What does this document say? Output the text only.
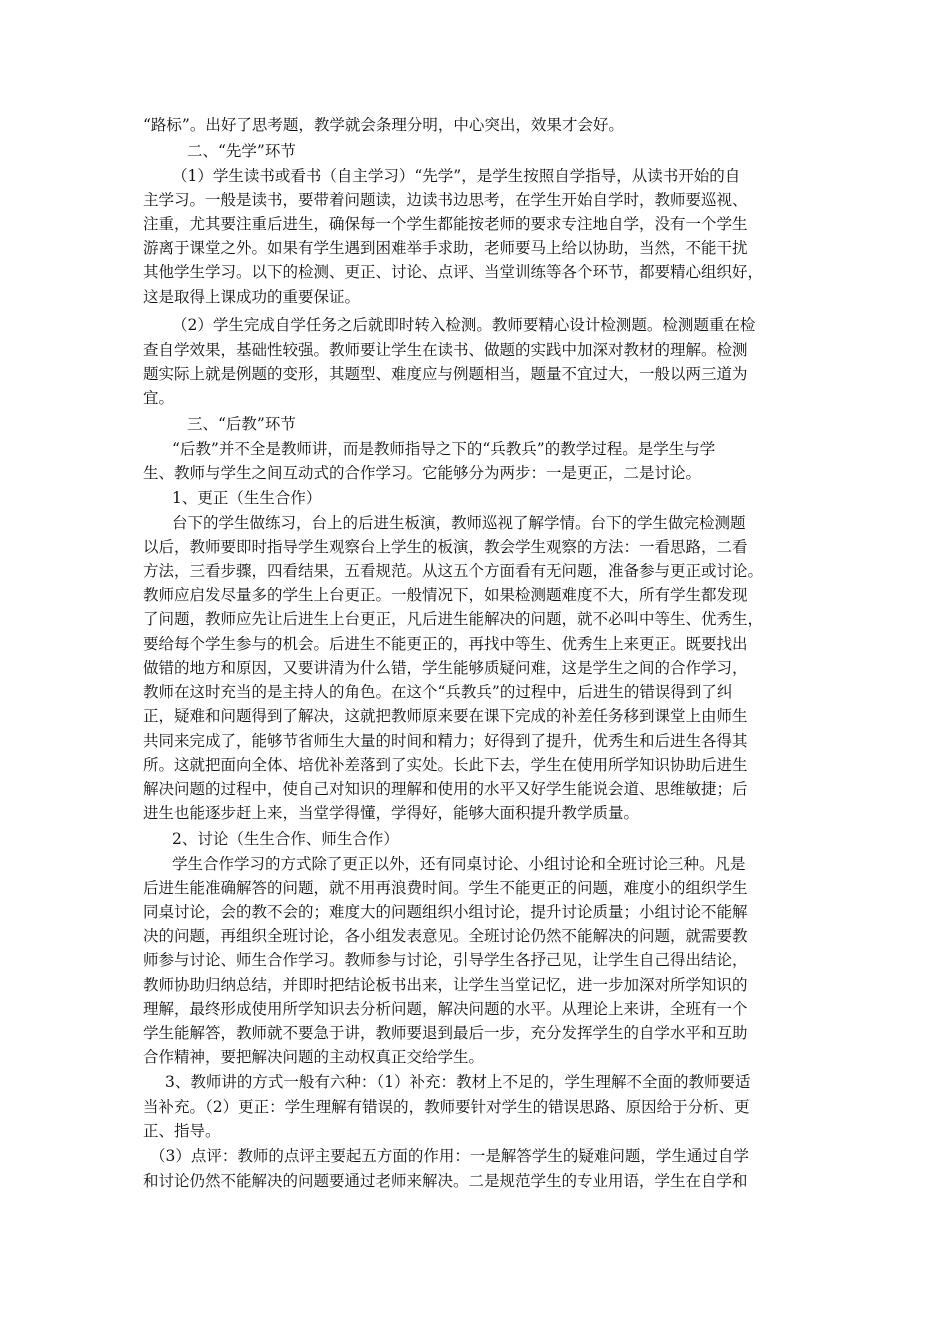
“路标”。出好了思考题，教学就会条理分明，中心突出，效果才会好。
二、“先学”环节
（1）学生读书或看书（自主学习）“先学”，是学生按照自学指导，从读书开始的自
主学习。一般是读书，要带着问题读，边读书边思考，在学生开始自学时，教师要巡视、
注重，尤其要注重后进生，确保每一个学生都能按老师的要求专注地自学，没有一个学生
游离于课堂之外。如果有学生遇到困难举手求助，老师要马上给以协助，当然，不能干扰
其他学生学习。以下的检测、更正、讨论、点评、当堂训练等各个环节，都要精心组织好，
这是取得上课成功的重要保证。
（2）学生完成自学任务之后就即时转入检测。教师要精心设计检测题。检测题重在检
查自学效果，基础性较强。教师要让学生在读书、做题的实践中加深对教材的理解。检测
题实际上就是例题的变形，其题型、难度应与例题相当，题量不宜过大，一般以两三道为
宜。
三、“后教”环节
“后教”并不全是教师讲，而是教师指导之下的“兵教兵”的教学过程。是学生与学
生、教师与学生之间互动式的合作学习。它能够分为两步：一是更正，二是讨论。
1、更正（生生合作）
台下的学生做练习，台上的后进生板演，教师巡视了解学情。台下的学生做完检测题
以后，教师要即时指导学生观察台上学生的板演，教会学生观察的方法：一看思路，二看
方法，三看步骤，四看结果，五看规范。从这五个方面看有无问题，准备参与更正或讨论。
教师应启发尽量多的学生上台更正。一般情况下，如果检测题难度不大，所有学生都发现
了问题，教师应先让后进生上台更正，凡后进生能解决的问题，就不必叫中等生、优秀生，
要给每个学生参与的机会。后进生不能更正的，再找中等生、优秀生上来更正。既要找出
做错的地方和原因，又要讲清为什么错，学生能够质疑问难，这是学生之间的合作学习，
教师在这时充当的是主持人的角色。在这个“兵教兵”的过程中，后进生的错误得到了纠
正，疑难和问题得到了解决，这就把教师原来要在课下完成的补差任务移到课堂上由师生
共同来完成了，能够节省师生大量的时间和精力；好得到了提升，优秀生和后进生各得其
所。这就把面向全体、培优补差落到了实处。长此下去，学生在使用所学知识协助后进生
解决问题的过程中，使自己对知识的理解和使用的水平又好学生能说会道、思维敏捷；后
进生也能逐步赶上来，当堂学得懂，学得好，能够大面积提升教学质量。
2、讨论（生生合作、师生合作）
学生合作学习的方式除了更正以外，还有同桌讨论、小组讨论和全班讨论三种。凡是
后进生能准确解答的问题，就不用再浪费时间。学生不能更正的问题，难度小的组织学生
同桌讨论，会的教不会的；难度大的问题组织小组讨论，提升讨论质量；小组讨论不能解
决的问题，再组织全班讨论，各小组发表意见。全班讨论仍然不能解决的问题，就需要教
师参与讨论、师生合作学习。教师参与讨论，引导学生各抒己见，让学生自己得出结论，
教师协助归纳总结，并即时把结论板书出来，让学生当堂记忆，进一步加深对所学知识的
理解，最终形成使用所学知识去分析问题，解决问题的水平。从理论上来讲，全班有一个
学生能解答，教师就不要急于讲，教师要退到最后一步，充分发挥学生的自学水平和互助
合作精神，要把解决问题的主动权真正交给学生。
3、教师讲的方式一般有六种：（1）补充：教材上不足的，学生理解不全面的教师要适
当补充。（2）更正：学生理解有错误的，教师要针对学生的错误思路、原因给于分析、更
正、指导。
（3）点评：教师的点评主要起五方面的作用：一是解答学生的疑难问题，学生通过自学
和讨论仍然不能解决的问题要通过老师来解决。二是规范学生的专业用语，学生在自学和
